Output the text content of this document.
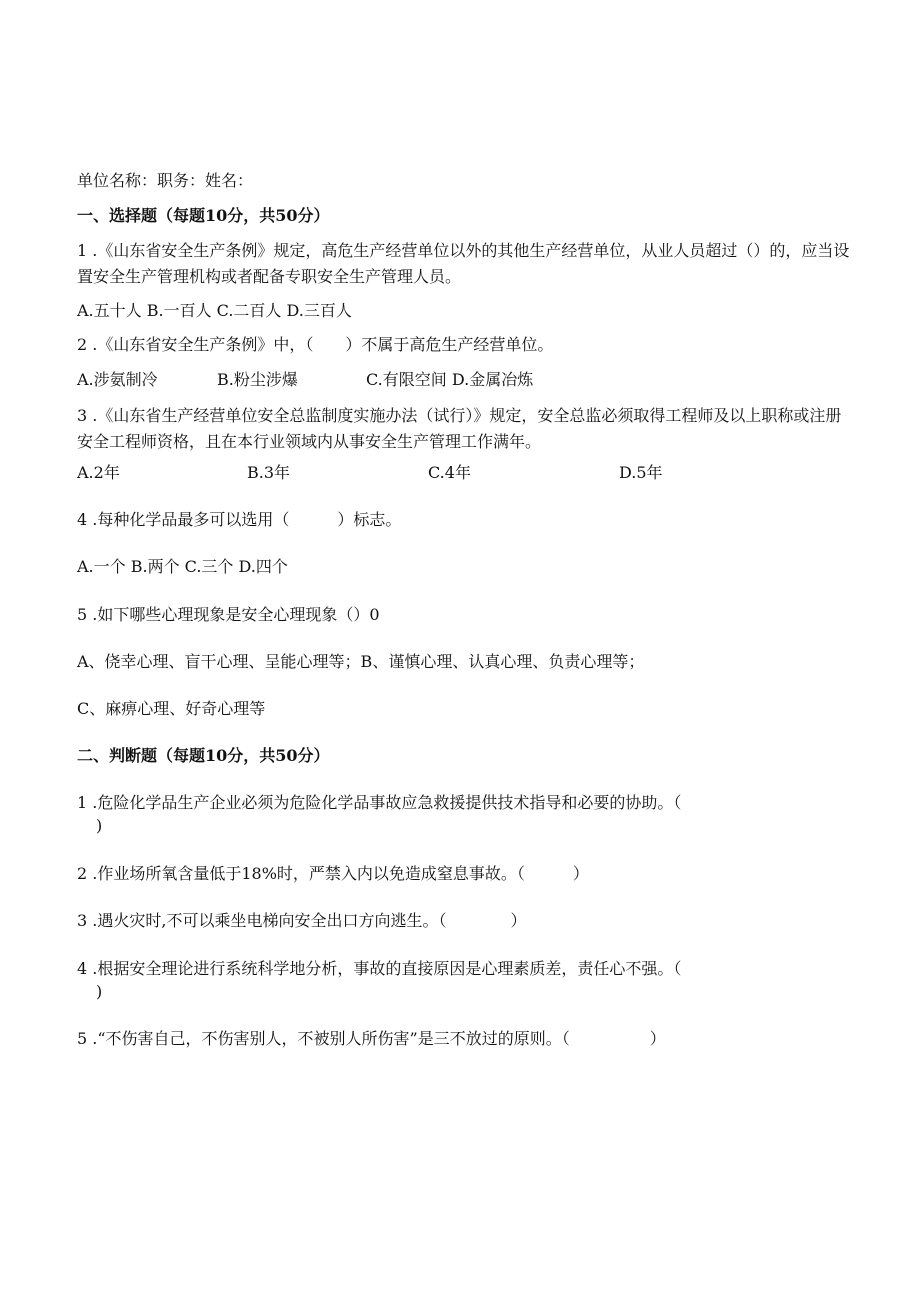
单位名称：职务：姓名：
一、选择题（每题10分，共50分）
1 .《山东省安全生产条例》规定，高危生产经营单位以外的其他生产经营单位，从业人员超过（）的，应当设置安全生产管理机构或者配备专职安全生产管理人员。
A.五十人 B.一百人 C.二百人 D.三百人
2 .《山东省安全生产条例》中，（　　）不属于高危生产经营单位。
A.涉氨制冷	B.粉尘涉爆	C.有限空间 D.金属冶炼
3 .《山东省生产经营单位安全总监制度实施办法（试行）》规定，安全总监必须取得工程师及以上职称或注册安全工程师资格，且在本行业领域内从事安全生产管理工作满年。
A.2年	B.3年	C.4年	D.5年
4 .每种化学品最多可以选用（　　　）标志。
A.一个 B.两个 C.三个 D.四个
5 .如下哪些心理现象是安全心理现象（）0
A、侥幸心理、盲干心理、呈能心理等；B、谨慎心理、认真心理、负责心理等；
C、麻痹心理、好奇心理等
二、判断题（每题10分，共50分）
1 .危险化学品生产企业必须为危险化学品事故应急救援提供技术指导和必要的协助。（
)
2 .作业场所氧含量低于18%时，严禁入内以免造成窒息事故。（　　　）
3 .遇火灾时,不可以乘坐电梯向安全出口方向逃生。（　　　　）
4 .根据安全理论进行系统科学地分析，事故的直接原因是心理素质差，责任心不强。（
)
5 .“不伤害自己，不伤害别人，不被别人所伤害”是三不放过的原则。（　　　　　）
